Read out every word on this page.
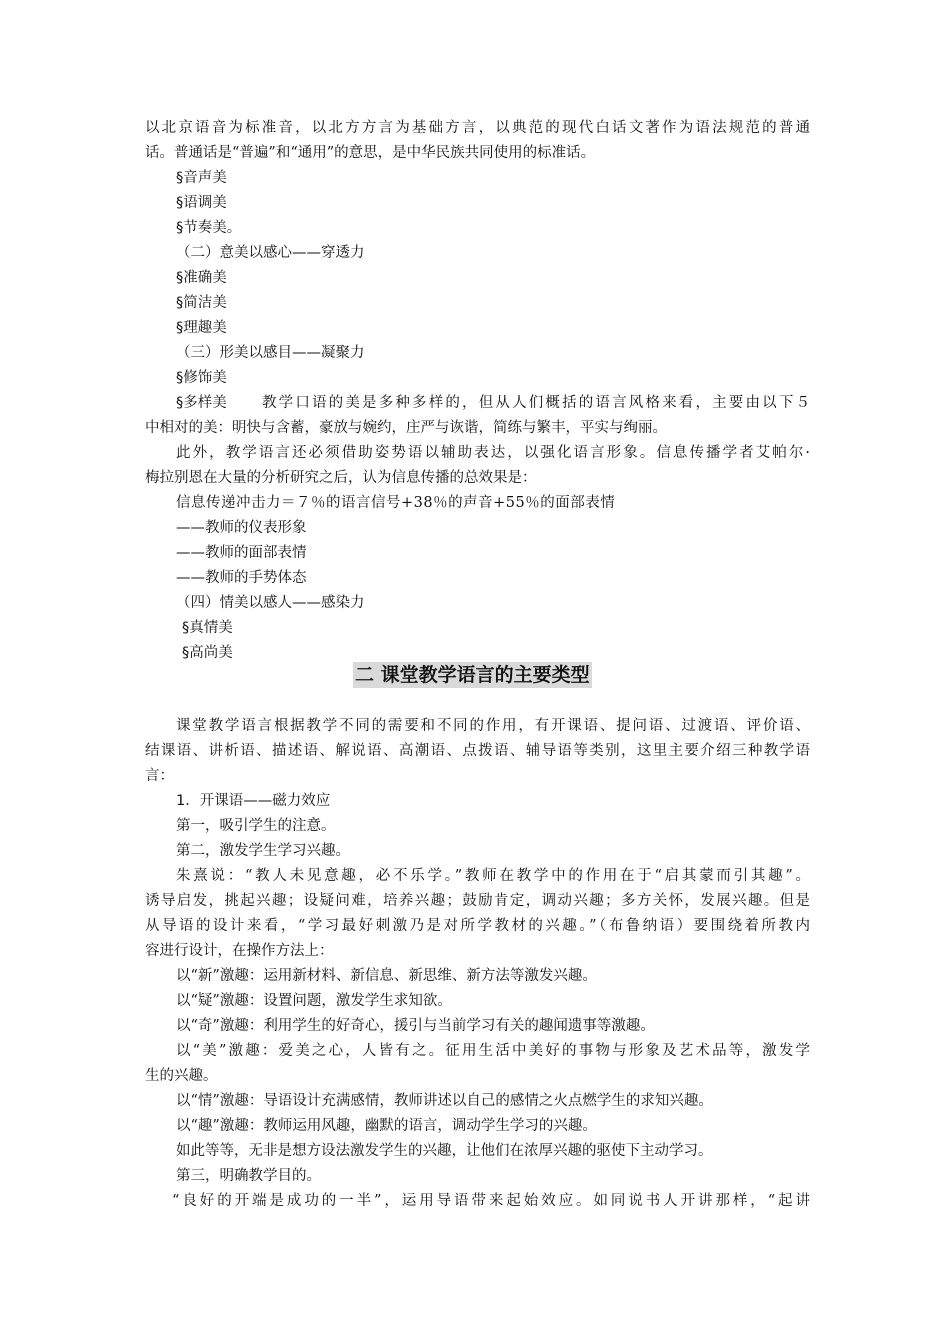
以北京语音为标准音，以北方方言为基础方言，以典范的现代白话文著作为语法规范的普通
话。普通话是“普遍”和“通用”的意思，是中华民族共同使用的标准话。
§音声美
§语调美
§节奏美。
（二）意美以感心——穿透力
§准确美
§简洁美
§理趣美
（三）形美以感目——凝聚力
§修饰美
§多样美	教学口语的美是多种多样的，但从人们概括的语言风格来看，主要由以下５
中相对的美：明快与含蓄，豪放与婉约，庄严与诙谐，简练与繁丰，平实与绚丽。
此外，教学语言还必须借助姿势语以辅助表达，以强化语言形象。信息传播学者艾帕尔·
梅拉别恩在大量的分析研究之后，认为信息传播的总效果是：
信息传递冲击力＝７％的语言信号+38％的声音+55％的面部表情
——教师的仪表形象
——教师的面部表情
——教师的手势体态
（四）情美以感人——感染力
§真情美
§高尚美
二 课堂教学语言的主要类型
课堂教学语言根据教学不同的需要和不同的作用，有开课语、提问语、过渡语、评价语、
结课语、讲析语、描述语、解说语、高潮语、点拨语、辅导语等类别，这里主要介绍三种教学语
言：
1．开课语——磁力效应
第一，吸引学生的注意。
第二，激发学生学习兴趣。
朱熹说：“教人未见意趣，必不乐学。”教师在教学中的作用在于“启其蒙而引其趣”。
诱导启发，挑起兴趣；设疑问难，培养兴趣；鼓励肯定，调动兴趣；多方关怀，发展兴趣。但是
从导语的设计来看，“学习最好刺激乃是对所学教材的兴趣。”（布鲁纳语）要围绕着所教内
容进行设计，在操作方法上：
以“新”激趣：运用新材料、新信息、新思维、新方法等激发兴趣。
以“疑”激趣：设置问题，激发学生求知欲。
以“奇”激趣：利用学生的好奇心，援引与当前学习有关的趣闻遗事等激趣。
以“美”激趣：爱美之心，人皆有之。征用生活中美好的事物与形象及艺术品等，激发学
生的兴趣。
以“情”激趣：导语设计充满感情，教师讲述以自己的感情之火点燃学生的求知兴趣。
以“趣”激趣：教师运用风趣，幽默的语言，调动学生学习的兴趣。
如此等等，无非是想方设法激发学生的兴趣，让他们在浓厚兴趣的驱使下主动学习。
第三，明确教学目的。
“良好的开端是成功的一半”，运用导语带来起始效应。如同说书人开讲那样，“起讲
